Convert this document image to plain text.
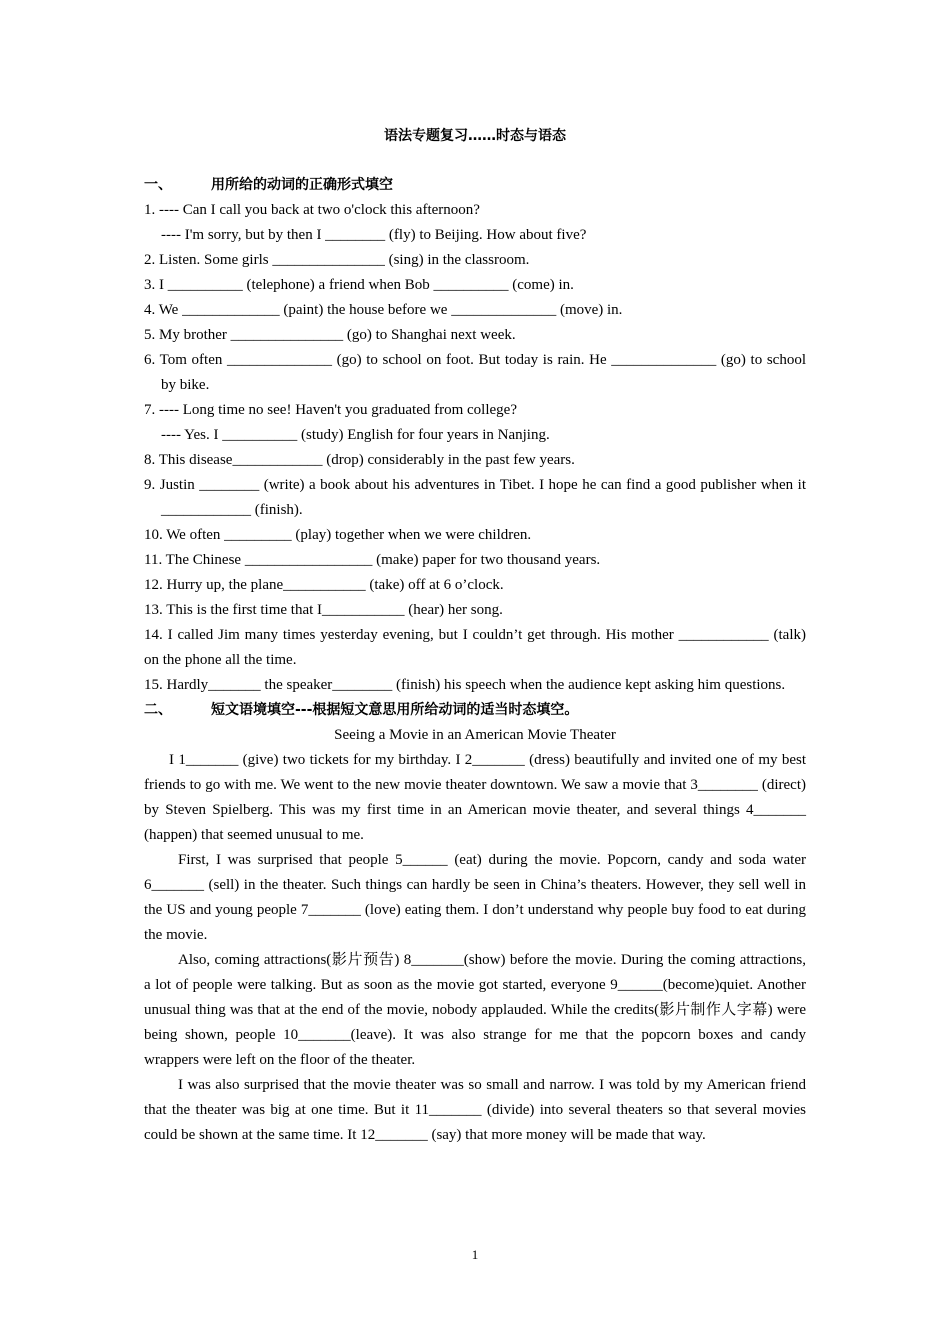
语法专题复习……时态与语态
一、	用所给的动词的正确形式填空

1. ---- Can I call you back at two o'clock this afternoon?

---- I'm sorry, but by then I ________ (fly) to Beijing. How about five?

2. Listen. Some girls _______________ (sing) in the classroom.

3. I __________ (telephone) a friend when Bob __________ (come) in.

4. We _____________ (paint) the house before we ______________ (move) in.

5. My brother _______________ (go) to Shanghai next week.

6. Tom often ______________ (go) to school on foot. But today is rain. He ______________ (go) to school by bike.

7. ---- Long time no see! Haven't you graduated from college?

---- Yes. I __________ (study) English for four years in Nanjing.

8. This disease____________ (drop) considerably in the past few years.

9. Justin ________ (write) a book about his adventures in Tibet. I hope he can find a good publisher when it ____________ (finish).

10. We often _________ (play) together when we were children.

11. The Chinese _________________ (make) paper for two thousand years.

12. Hurry up, the plane___________ (take) off at 6 o’clock.

13. This is the first time that I___________ (hear) her song.

14. I called Jim many times yesterday evening, but I couldn’t get through. His mother ____________ (talk) on the phone all the time.

15. Hardly_______ the speaker________ (finish) his speech when the audience kept asking him questions.

二、	短文语境填空---根据短文意思用所给动词的适当时态填空。

Seeing a Movie in an American Movie Theater

I 1_______ (give) two tickets for my birthday. I 2_______ (dress) beautifully and invited one of my best friends to go with me. We went to the new movie theater downtown. We saw a movie that 3________ (direct) by Steven Spielberg. This was my first time in an American movie theater, and several things 4_______ (happen) that seemed unusual to me.

First, I was surprised that people 5______ (eat) during the movie. Popcorn, candy and soda water 6_______ (sell) in the theater. Such things can hardly be seen in China’s theaters. However, they sell well in the US and young people 7_______ (love) eating them. I don’t understand why people buy food to eat during the movie.

Also, coming attractions(影片预告) 8_______(show) before the movie. During the coming attractions, a lot of people were talking. But as soon as the movie got started, everyone 9______(become)quiet. Another unusual thing was that at the end of the movie, nobody applauded. While the credits(影片制作人字幕) were being shown, people 10_______(leave). It was also strange for me that the popcorn boxes and candy wrappers were left on the floor of the theater.

I was also surprised that the movie theater was so small and narrow. I was told by my American friend that the theater was big at one time. But it 11_______ (divide) into several theaters so that several movies could be shown at the same time. It 12_______ (say) that more money will be made that way.

1
